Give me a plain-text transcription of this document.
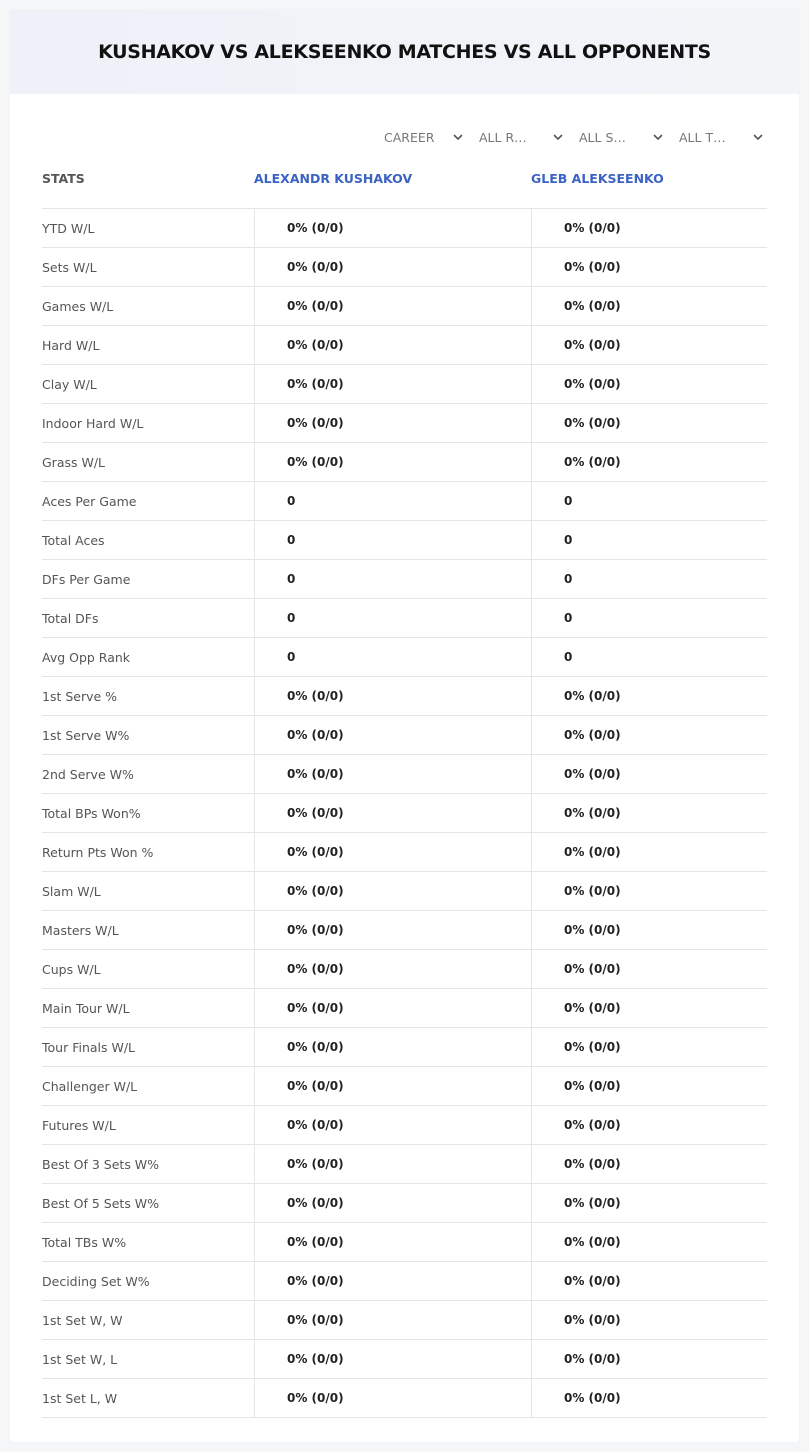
KUSHAKOV VS ALEKSEENKO MATCHES VS ALL OPPONENTS
CAREER	ALL R…	ALL S…	ALL T…
STATS	ALEXANDR KUSHAKOV	GLEB ALEKSEENKO
YTD W/L	0% (0/0)	0% (0/0)
Sets W/L	0% (0/0)	0% (0/0)
Games W/L	0% (0/0)	0% (0/0)
Hard W/L	0% (0/0)	0% (0/0)
Clay W/L	0% (0/0)	0% (0/0)
Indoor Hard W/L	0% (0/0)	0% (0/0)
Grass W/L	0% (0/0)	0% (0/0)
Aces Per Game	0	0
Total Aces	0	0
DFs Per Game	0	0
Total DFs	0	0
Avg Opp Rank	0	0
1st Serve %	0% (0/0)	0% (0/0)
1st Serve W%	0% (0/0)	0% (0/0)
2nd Serve W%	0% (0/0)	0% (0/0)
Total BPs Won%	0% (0/0)	0% (0/0)
Return Pts Won %	0% (0/0)	0% (0/0)
Slam W/L	0% (0/0)	0% (0/0)
Masters W/L	0% (0/0)	0% (0/0)
Cups W/L	0% (0/0)	0% (0/0)
Main Tour W/L	0% (0/0)	0% (0/0)
Tour Finals W/L	0% (0/0)	0% (0/0)
Challenger W/L	0% (0/0)	0% (0/0)
Futures W/L	0% (0/0)	0% (0/0)
Best Of 3 Sets W%	0% (0/0)	0% (0/0)
Best Of 5 Sets W%	0% (0/0)	0% (0/0)
Total TBs W%	0% (0/0)	0% (0/0)
Deciding Set W%	0% (0/0)	0% (0/0)
1st Set W, W	0% (0/0)	0% (0/0)
1st Set W, L	0% (0/0)	0% (0/0)
1st Set L, W	0% (0/0)	0% (0/0)
